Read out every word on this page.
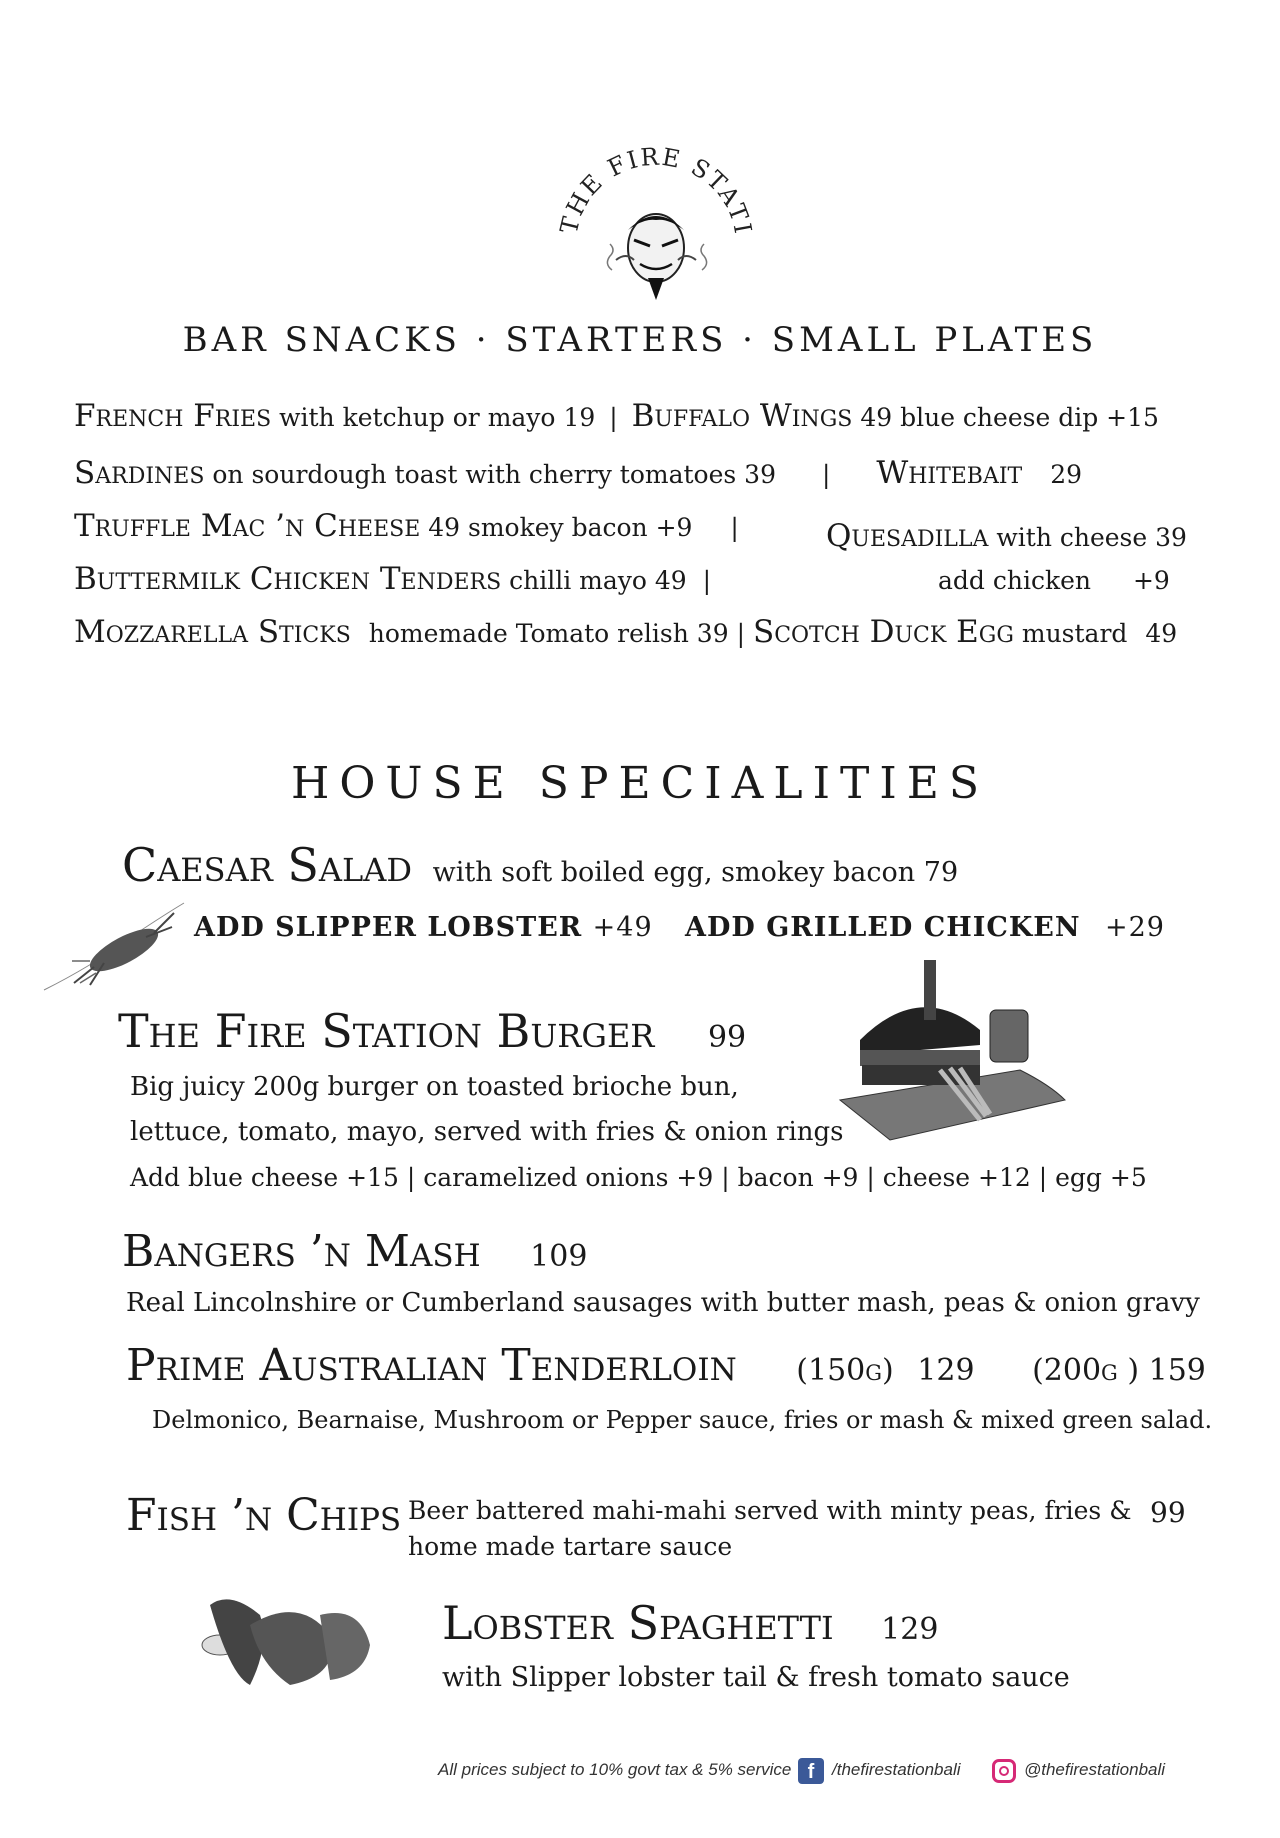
THE FIRE STATI
BAR SNACKS · STARTERS · SMALL PLATES
French Fries with ketchup or mayo 19 | Buffalo Wings 49 blue cheese dip +15
Sardines on sourdough toast with cherry tomatoes 39 | Whitebait 29
Truffle Mac ’n Cheese 49 smokey bacon +9 |	Quesadilla with cheese 39
Buttermilk Chicken Tenders chilli mayo 49 |	add chicken +9
Mozzarella Sticks homemade Tomato relish 39 | Scotch Duck Egg mustard 49
HOUSE SPECIALITIES
Caesar Salad with soft boiled egg, smokey bacon 79
ADD SLIPPER LOBSTER +49 ADD GRILLED CHICKEN +29
The Fire Station Burger 99
Big juicy 200g burger on toasted brioche bun,
lettuce, tomato, mayo, served with fries & onion rings
Add blue cheese +15 | caramelized onions +9 | bacon +9 | cheese +12 | egg +5
Bangers ’n Mash 109
Real Lincolnshire or Cumberland sausages with butter mash, peas & onion gravy
Prime Australian Tenderloin (150g) 129 (200g ) 159
Delmonico, Bearnaise, Mushroom or Pepper sauce, fries or mash & mixed green salad.
Fish ’n Chips Beer battered mahi-mahi served with minty peas, fries &
home made tartare sauce
99
Lobster Spaghetti 129
with Slipper lobster tail & fresh tomato sauce
All prices subject to 10% govt tax & 5% service f	/thefirestationbali	@thefirestationbali
